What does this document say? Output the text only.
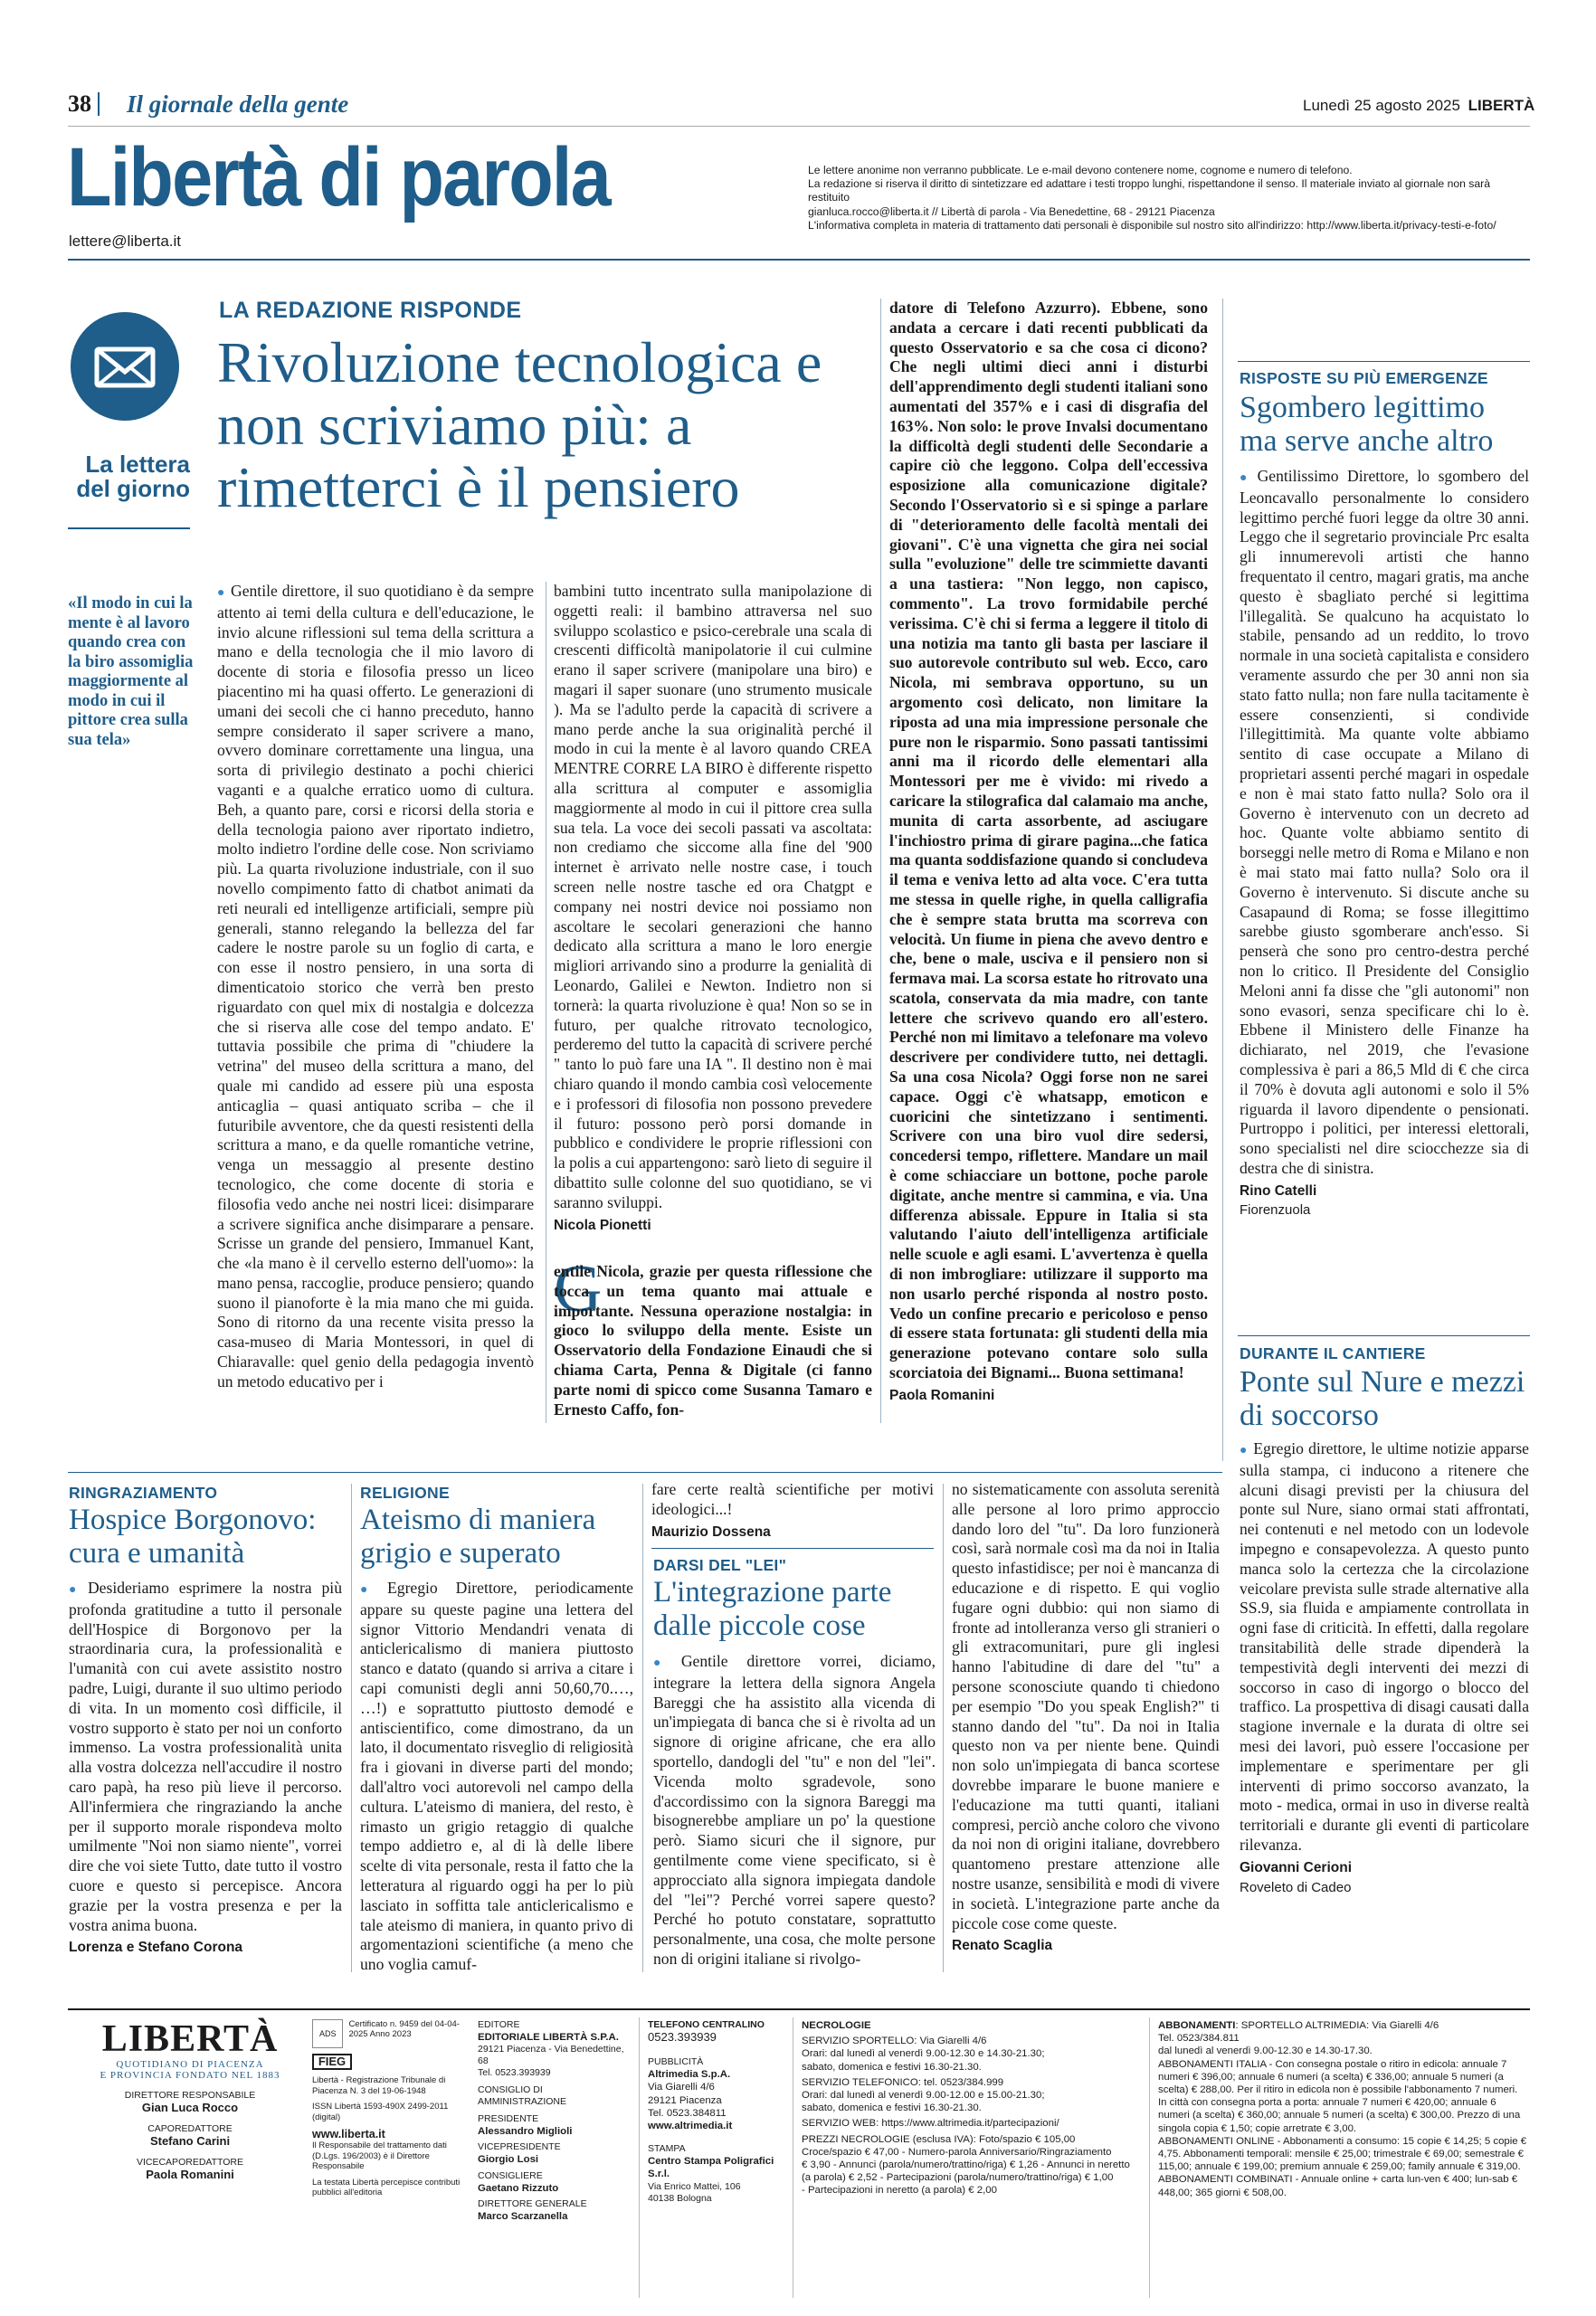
38 Il giornale della gente	Lunedì 25 agosto 2025 LIBERTÀ
Libertà di parola
lettere@liberta.it
Le lettere anonime non verranno pubblicate. Le e-mail devono contenere nome, cognome e numero di telefono.
La redazione si riserva il diritto di sintetizzare ed adattare i testi troppo lunghi, rispettandone il senso. Il materiale inviato al giornale non sarà restituito
gianluca.rocco@liberta.it // Libertà di parola - Via Benedettine, 68 - 29121 Piacenza
L'informativa completa in materia di trattamento dati personali è disponibile sul nostro sito all'indirizzo: http://www.liberta.it/privacy-testi-e-foto/
La lettera del giorno
«Il modo in cui la mente è al lavoro quando crea con la biro assomiglia maggiormente al modo in cui il pittore crea sulla sua tela»
LA REDAZIONE RISPONDE
Rivoluzione tecnologica e non scriviamo più: a rimetterci è il pensiero

● Gentile direttore, il suo quotidiano è da sempre attento ai temi della cultura e dell'educazione, le invio alcune riflessioni sul tema della scrittura a mano e della tecnologia che il mio lavoro di docente di storia e filosofia presso un liceo piacentino mi ha quasi offerto. Le generazioni di umani dei secoli che ci hanno preceduto, hanno sempre considerato il saper scrivere a mano, ovvero dominare correttamente una lingua, una sorta di privilegio destinato a pochi chierici vaganti e a qualche erratico uomo di cultura. Beh, a quanto pare, corsi e ricorsi della storia e della tecnologia paiono aver riportato indietro, molto indietro l'ordine delle cose. Non scriviamo più. La quarta rivoluzione industriale, con il suo novello compimento fatto di chatbot animati da reti neurali ed intelligenze artificiali, sempre più generali, stanno relegando la bellezza del far cadere le nostre parole su un foglio di carta, e con esse il nostro pensiero, in una sorta di dimenticatoio storico che verrà ben presto riguardato con quel mix di nostalgia e dolcezza che si riserva alle cose del tempo andato. E' tuttavia possibile che prima di "chiudere la vetrina" del museo della scrittura a mano, del quale mi candido ad essere più una esposta anticaglia – quasi antiquato scriba – che il futuribile avventore, che da questi resistenti della scrittura a mano, e da quelle romantiche vetrine, venga un messaggio al presente destino tecnologico, che come docente di storia e filosofia vedo anche nei nostri licei: disimparare a scrivere significa anche disimparare a pensare. Scrisse un grande del pensiero, Immanuel Kant, che «la mano è il cervello esterno dell'uomo»: la mano pensa, raccoglie, produce pensiero; quando suono il pianoforte è la mia mano che mi guida. Sono di ritorno da una recente visita presso la casa-museo di Maria Montessori, in quel di Chiaravalle: quel genio della pedagogia inventò un metodo educativo per i

bambini tutto incentrato sulla manipolazione di oggetti reali: il bambino attraversa nel suo sviluppo scolastico e psico-cerebrale una scala di crescenti difficoltà manipolatorie il cui culmine erano il saper scrivere (manipolare una biro) e magari il saper suonare (uno strumento musicale ). Ma se l'adulto perde la capacità di scrivere a mano perde anche la sua originalità perché il modo in cui la mente è al lavoro quando CREA MENTRE CORRE LA BIRO è differente rispetto alla scrittura al computer e assomiglia maggiormente al modo in cui il pittore crea sulla sua tela. La voce dei secoli passati va ascoltata: non crediamo che siccome alla fine del '900 internet è arrivato nelle nostre case, i touch screen nelle nostre tasche ed ora Chatgpt e company nei nostri device noi possiamo non ascoltare le secolari generazioni che hanno dedicato alla scrittura a mano le loro energie migliori arrivando sino a produrre la genialità di Leonardo, Galilei e Newton. Indietro non si tornerà: la quarta rivoluzione è qua! Non so se in futuro, per qualche ritrovato tecnologico, perderemo del tutto la capacità di scrivere perché " tanto lo può fare una IA ". Il destino non è mai chiaro quando il mondo cambia così velocemente e i professori di filosofia non possono prevedere il futuro: possono però porsi domande in pubblico e condividere le proprie riflessioni con la polis a cui appartengono: sarò lieto di seguire il dibattito sulle colonne del suo quotidiano, se vi saranno sviluppi.

Nicola Pionetti
G

entile Nicola, grazie per questa riflessione che tocca un tema quanto mai attuale e importante. Nessuna operazione nostalgia: in gioco lo sviluppo della mente. Esiste un Osservatorio della Fondazione Einaudi che si chiama Carta, Penna & Digitale (ci fanno parte nomi di spicco come Susanna Tamaro e Ernesto Caffo, fon-

datore di Telefono Azzurro). Ebbene, sono andata a cercare i dati recenti pubblicati da questo Osservatorio e sa che cosa ci dicono? Che negli ultimi dieci anni i disturbi dell'apprendimento degli studenti italiani sono aumentati del 357% e i casi di disgrafia del 163%. Non solo: le prove Invalsi documentano la difficoltà degli studenti delle Secondarie a capire ciò che leggono. Colpa dell'eccessiva esposizione alla comunicazione digitale? Secondo l'Osservatorio sì e si spinge a parlare di "deterioramento delle facoltà mentali dei giovani". C'è una vignetta che gira nei social sulla "evoluzione" delle tre scimmiette davanti a una tastiera: "Non leggo, non capisco, commento". La trovo formidabile perché verissima. C'è chi si ferma a leggere il titolo di una notizia ma tanto gli basta per lasciare il suo autorevole contributo sul web. Ecco, caro Nicola, mi sembrava opportuno, su un argomento così delicato, non limitare la riposta ad una mia impressione personale che pure non le risparmio. Sono passati tantissimi anni ma il ricordo delle elementari alla Montessori per me è vivido: mi rivedo a caricare la stilografica dal calamaio ma anche, munita di carta assorbente, ad asciugare l'inchiostro prima di girare pagina...che fatica ma quanta soddisfazione quando si concludeva il tema e veniva letto ad alta voce. C'era tutta me stessa in quelle righe, in quella calligrafia che è sempre stata brutta ma scorreva con velocità. Un fiume in piena che avevo dentro e che, bene o male, usciva e il pensiero non si fermava mai. La scorsa estate ho ritrovato una scatola, conservata da mia madre, con tante lettere che scrivevo quando ero all'estero. Perché non mi limitavo a telefonare ma volevo descrivere per condividere tutto, nei dettagli. Sa una cosa Nicola? Oggi forse non ne sarei capace. Oggi c'è whatsapp, emoticon e cuoricini che sintetizzano i sentimenti. Scrivere con una biro vuol dire sedersi, concedersi tempo, riflettere. Mandare un mail è come schiacciare un bottone, poche parole digitate, anche mentre si cammina, e via. Una differenza abissale. Eppure in Italia si sta valutando l'aiuto dell'intelligenza artificiale nelle scuole e agli esami. L'avvertenza è quella di non imbrogliare: utilizzare il supporto ma non usarlo perché risponda al nostro posto. Vedo un confine precario e pericoloso e penso di essere stata fortunata: gli studenti della mia generazione potevano contare solo sulla scorciatoia dei Bignami... Buona settimana!

Paola Romanini
RISPOSTE SU PIÙ EMERGENZE
Sgombero legittimo ma serve anche altro

● Gentilissimo Direttore, lo sgombero del Leoncavallo personalmente lo considero legittimo perché fuori legge da oltre 30 anni. Leggo che il segretario provinciale Prc esalta gli innumerevoli artisti che hanno frequentato il centro, magari gratis, ma anche questo è sbagliato perché si legittima l'illegalità. Se qualcuno ha acquistato lo stabile, pensando ad un reddito, lo trovo normale in una società capitalista e considero veramente assurdo che per 30 anni non sia stato fatto nulla; non fare nulla tacitamente è essere consenzienti, si condivide l'illegittimità. Ma quante volte abbiamo sentito di case occupate a Milano di proprietari assenti perché magari in ospedale e non è mai stato fatto nulla? Solo ora il Governo è intervenuto con un decreto ad hoc. Quante volte abbiamo sentito di borseggi nelle metro di Roma e Milano e non è mai stato mai fatto nulla? Solo ora il Governo è intervenuto. Si discute anche su Casapaund di Roma; se fosse illegittimo sarebbe giusto sgomberare anch'esso. Si penserà che sono pro centro-destra perché non lo critico. Il Presidente del Consiglio Meloni anni fa disse che "gli autonomi" non sono evasori, senza specificare chi lo è. Ebbene il Ministero delle Finanze ha dichiarato, nel 2019, che l'evasione complessiva è pari a 86,5 Mld di € che circa il 70% è dovuta agli autonomi e solo il 5% riguarda il lavoro dipendente o pensionati. Purtroppo i politici, per interessi elettorali, sono specialisti nel dire sciocchezze sia di destra che di sinistra.

Rino Catelli
Fiorenzuola
DURANTE IL CANTIERE
Ponte sul Nure e mezzi di soccorso

● Egregio direttore, le ultime notizie apparse sulla stampa, ci inducono a ritenere che alcuni disagi previsti per la chiusura del ponte sul Nure, siano ormai stati affrontati, nei contenuti e nel metodo con un lodevole impegno e consapevolezza. A questo punto manca solo la certezza che la circolazione veicolare prevista sulle strade alternative alla SS.9, sia fluida e ampiamente controllata in ogni fase di criticità. In effetti, dalla regolare transitabilità delle strade dipenderà la tempestività degli interventi dei mezzi di soccorso in caso di ingorgo o blocco del traffico. La prospettiva di disagi causati dalla stagione invernale e la durata di oltre sei mesi dei lavori, può essere l'occasione per implementare e sperimentare per gli interventi di primo soccorso avanzato, la moto - medica, ormai in uso in diverse realtà territoriali e durante gli eventi di particolare rilevanza.

Giovanni Cerioni
Roveleto di Cadeo
RINGRAZIAMENTO
Hospice Borgonovo: cura e umanità

● Desideriamo esprimere la nostra più profonda gratitudine a tutto il personale dell'Hospice di Borgonovo per la straordinaria cura, la professionalità e l'umanità con cui avete assistito nostro padre, Luigi, durante il suo ultimo periodo di vita. In un momento così difficile, il vostro supporto è stato per noi un conforto immenso. La vostra professionalità unita alla vostra dolcezza nell'accudire il nostro caro papà, ha reso più lieve il percorso. All'infermiera che ringraziando la anche per il supporto morale rispondeva molto umilmente "Noi non siamo niente", vorrei dire che voi siete Tutto, date tutto il vostro cuore e questo si percepisce. Ancora grazie per la vostra presenza e per la vostra anima buona.

Lorenza e Stefano Corona
RELIGIONE
Ateismo di maniera grigio e superato

● Egregio Direttore, periodicamente appare su queste pagine una lettera del signor Vittorio Mendandri venata di anticlericalismo di maniera piuttosto stanco e datato (quando si arriva a citare i capi comunisti degli anni 50,60,70.…, …!) e soprattutto piuttosto demodé e antiscientifico, come dimostrano, da un lato, il documentato risveglio di religiosità fra i giovani in diverse parti del mondo; dall'altro voci autorevoli nel campo della cultura. L'ateismo di maniera, del resto, è rimasto un grigio retaggio di qualche tempo addietro e, al di là delle libere scelte di vita personale, resta il fatto che la letteratura al riguardo oggi ha per lo più lasciato in soffitta tale anticlericalismo e tale ateismo di maniera, in quanto privo di argomentazioni scientifiche (a meno che uno voglia camuf-

fare certe realtà scientifiche per motivi ideologici...!

Maurizio Dossena
DARSI DEL "LEI"
L'integrazione parte dalle piccole cose

● Gentile direttore vorrei, diciamo, integrare la lettera della signora Angela Bareggi che ha assistito alla vicenda di un'impiegata di banca che si è rivolta ad un signore di origine africane, che era allo sportello, dandogli del "tu" e non del "lei". Vicenda molto sgradevole, sono d'accordissimo con la signora Bareggi ma bisognerebbe ampliare un po' la questione però. Siamo sicuri che il signore, pur gentilmente come viene specificato, si è approcciato alla signora impiegata dandole del "lei"? Perché vorrei sapere questo? Perché ho potuto constatare, soprattutto personalmente, una cosa, che molte persone non di origini italiane si rivolgo-

no sistematicamente con assoluta serenità alle persone al loro primo approccio dando loro del "tu". Da loro funzionerà così, sarà normale così ma da noi in Italia questo infastidisce; per noi è mancanza di educazione e di rispetto. E qui voglio fugare ogni dubbio: qui non siamo di fronte ad intolleranza verso gli stranieri o gli extracomunitari, pure gli inglesi hanno l'abitudine di dare del "tu" a persone sconosciute quando ti chiedono per esempio "Do you speak English?" ti stanno dando del "tu". Da noi in Italia questo non va per niente bene. Quindi non solo un'impiegata di banca scortese dovrebbe imparare le buone maniere e l'educazione ma tutti quanti, italiani compresi, perciò anche coloro che vivono da noi non di origini italiane, dovrebbero quantomeno prestare attenzione alle nostre usanze, sensibilità e modi di vivere in società. L'integrazione parte anche da piccole cose come queste.

Renato Scaglia
LIBERTÀ
QUOTIDIANO DI PIACENZA
E PROVINCIA FONDATO NEL 1883
DIRETTORE RESPONSABILE
Gian Luca Rocco
CAPOREDATTORE
Stefano Carini
VICECAPOREDATTORE
Paola Romanini
ADS
Certificato n. 9459 del 04-04-2025 Anno 2023
FIEG
Libertà - Registrazione Tribunale di Piacenza N. 3 del 19-06-1948
ISSN Libertà 1593-490X 2499-2011 (digital)
www.liberta.it
Il Responsabile del trattamento dati (D.Lgs. 196/2003) è il Direttore Responsabile
La testata Libertà percepisce contributi pubblici all'editoria
EDITORE
EDITORIALE LIBERTÀ S.P.A.
29121 Piacenza - Via Benedettine, 68
Tel. 0523.393939
CONSIGLIO DI AMMINISTRAZIONE
PRESIDENTE
Alessandro Miglioli
VICEPRESIDENTE
Giorgio Losi
CONSIGLIERE
Gaetano Rizzuto
DIRETTORE GENERALE
Marco Scarzanella
TELEFONO CENTRALINO
0523.393939
PUBBLICITÀ
Altrimedia S.p.A.
Via Giarelli 4/6
29121 Piacenza
Tel. 0523.384811
www.altrimedia.it
STAMPA
Centro Stampa Poligrafici S.r.l.
Via Enrico Mattei, 106
40138 Bologna
NECROLOGIE
SERVIZIO SPORTELLO: Via Giarelli 4/6
Orari: dal lunedì al venerdì 9.00-12.30 e 14.30-21.30;
sabato, domenica e festivi 16.30-21.30.
SERVIZIO TELEFONICO: tel. 0523/384.999
Orari: dal lunedì al venerdì 9.00-12.00 e 15.00-21.30;
sabato, domenica e festivi 16.30-21.30.
SERVIZIO WEB: https://www.altrimedia.it/partecipazioni/
PREZZI NECROLOGIE (esclusa IVA): Foto/spazio € 105,00
Croce/spazio € 47,00 - Numero-parola Anniversario/Ringraziamento
€ 3,90 - Annunci (parola/numero/trattino/riga) € 1,26 - Annunci in neretto (a parola) € 2,52 - Partecipazioni (parola/numero/trattino/riga) € 1,00
- Partecipazioni in neretto (a parola) € 2,00
ABBONAMENTI: SPORTELLO ALTRIMEDIA: Via Giarelli 4/6
Tel. 0523/384.811
dal lunedì al venerdì 9.00-12.30 e 14.30-17.30.
ABBONAMENTI ITALIA - Con consegna postale o ritiro in edicola: annuale 7 numeri € 396,00; annuale 6 numeri (a scelta) € 336,00; annuale 5 numeri (a scelta) € 288,00. Per il ritiro in edicola non è possibile l'abbonamento 7 numeri.
In città con consegna porta a porta: annuale 7 numeri € 420,00; annuale 6 numeri (a scelta) € 360,00; annuale 5 numeri (a scelta) € 300,00. Prezzo di una singola copia € 1,50; copie arretrate € 3,00.
ABBONAMENTI ONLINE - Abbonamenti a consumo: 15 copie € 14,25; 5 copie € 4,75. Abbonamenti temporali: mensile € 25,00; trimestrale € 69,00; semestrale € 115,00; annuale € 199,00; premium annuale € 259,00; family annuale € 319,00.
ABBONAMENTI COMBINATI - Annuale online + carta lun-ven € 400; lun-sab € 448,00; 365 giorni € 508,00.
